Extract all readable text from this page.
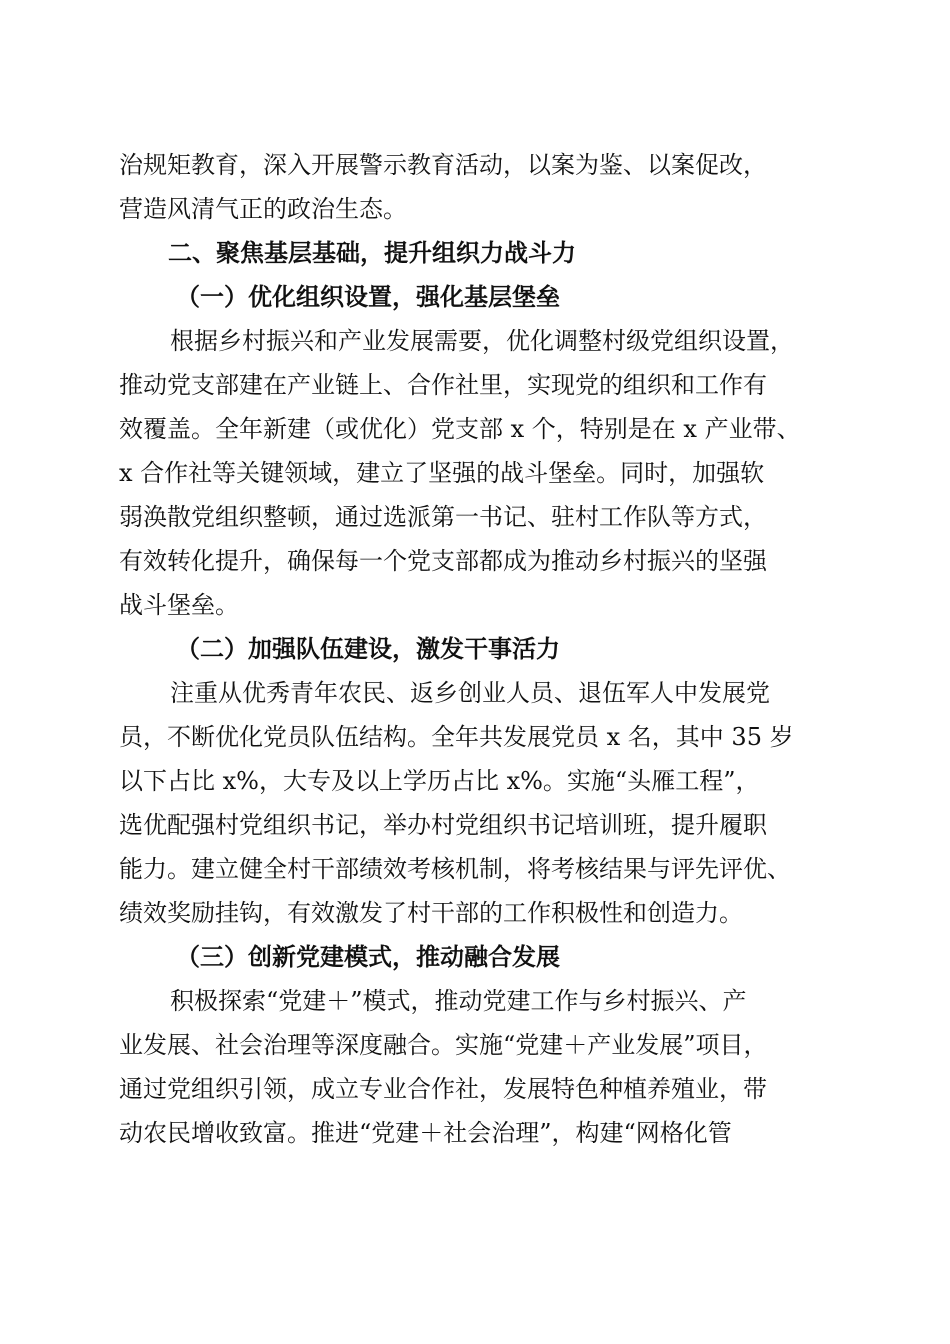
治规矩教育，深入开展警示教育活动，以案为鉴、以案促改，
营造风清气正的政治生态。
二、聚焦基层基础，提升组织力战斗力
（一）优化组织设置，强化基层堡垒
根据乡村振兴和产业发展需要，优化调整村级党组织设置，
推动党支部建在产业链上、合作社里，实现党的组织和工作有
效覆盖。全年新建（或优化）党支部 x 个，特别是在 x 产业带、
x 合作社等关键领域，建立了坚强的战斗堡垒。同时，加强软
弱涣散党组织整顿，通过选派第一书记、驻村工作队等方式，
有效转化提升，确保每一个党支部都成为推动乡村振兴的坚强
战斗堡垒。
（二）加强队伍建设，激发干事活力
注重从优秀青年农民、返乡创业人员、退伍军人中发展党
员，不断优化党员队伍结构。全年共发展党员 x 名，其中 35 岁
以下占比 x%，大专及以上学历占比 x%。实施“头雁工程”，
选优配强村党组织书记，举办村党组织书记培训班，提升履职
能力。建立健全村干部绩效考核机制，将考核结果与评先评优、
绩效奖励挂钩，有效激发了村干部的工作积极性和创造力。
（三）创新党建模式，推动融合发展
积极探索“党建＋”模式，推动党建工作与乡村振兴、产
业发展、社会治理等深度融合。实施“党建＋产业发展”项目，
通过党组织引领，成立专业合作社，发展特色种植养殖业，带
动农民增收致富。推进“党建＋社会治理”，构建“网格化管
